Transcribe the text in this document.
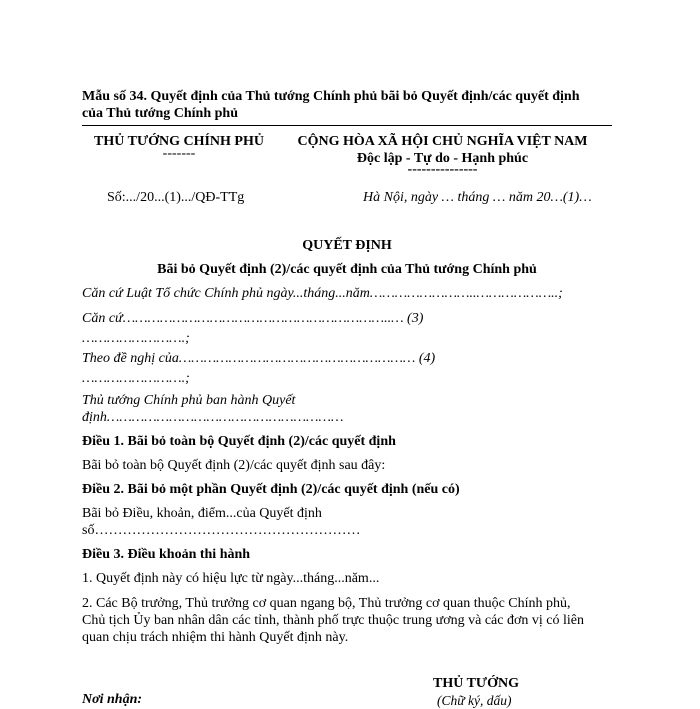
Mẫu số 34. Quyết định của Thủ tướng Chính phủ bãi bỏ Quyết định/các quyết định
của Thủ tướng Chính phủ
THỦ TƯỚNG CHÍNH PHỦ
-------
CỘNG HÒA XÃ HỘI CHỦ NGHĨA VIỆT NAM
Độc lập - Tự do - Hạnh phúc
---------------
Số:.../20...(1).../QĐ-TTg	Hà Nội, ngày … tháng … năm 20…(1)…
QUYẾT ĐỊNH
Bãi bỏ Quyết định (2)/các quyết định của Thủ tướng Chính phủ
Căn cứ Luật Tổ chức Chính phủ ngày...tháng...năm……………………..………………..;
Căn cứ………………………………………………………..… (3)
…………………….;
Theo đề nghị của………………………………………………… (4)
…………………….;
Thủ tướng Chính phủ ban hành Quyết
định…………………………………………………
Điều 1. Bãi bỏ toàn bộ Quyết định (2)/các quyết định
Bãi bỏ toàn bộ Quyết định (2)/các quyết định sau đây:
Điều 2. Bãi bỏ một phần Quyết định (2)/các quyết định (nếu có)
Bãi bỏ Điều, khoản, điểm...của Quyết định
số…………………………………………………
Điều 3. Điều khoản thi hành
1. Quyết định này có hiệu lực từ ngày...tháng...năm...
2. Các Bộ trưởng, Thủ trưởng cơ quan ngang bộ, Thủ trưởng cơ quan thuộc Chính phủ,
Chủ tịch Ủy ban nhân dân các tỉnh, thành phố trực thuộc trung ương và các đơn vị có liên
quan chịu trách nhiệm thi hành Quyết định này.
THỦ TƯỚNG
(Chữ ký, dấu)
Nơi nhận:
